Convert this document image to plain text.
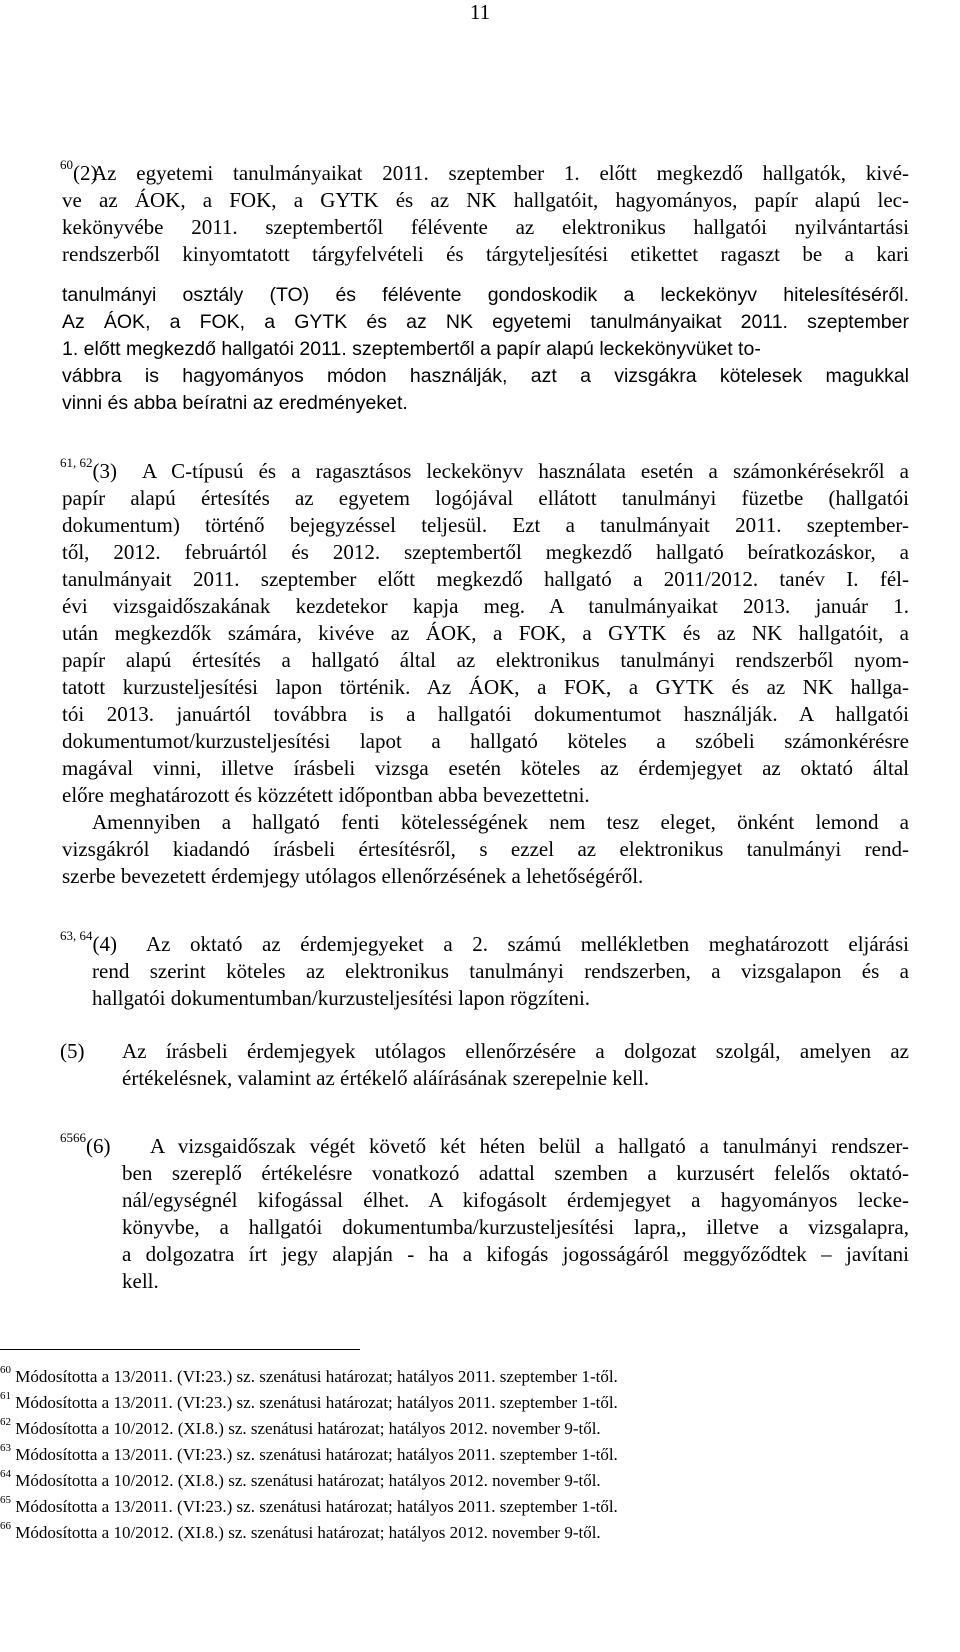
11
$^{60}$(2)
Az egyetemi tanulmányaikat 2011. szeptember 1. előtt megkezdő hallgatók, kivé-
ve az ÁOK, a FOK, a GYTK és az NK hallgatóit, hagyományos, papír alapú lec-
kekönyvébe 2011. szeptembertől félévente az elektronikus hallgatói nyilvántartási
rendszerből kinyomtatott tárgyfelvételi és tárgyteljesítési etikettet ragaszt be a kari
tanulmányi osztály (TO) és félévente gondoskodik a leckekönyv hitelesítéséről.
Az ÁOK, a FOK, a GYTK és az NK egyetemi tanulmányaikat 2011. szeptember
1. előtt megkezdő hallgatói 2011. szeptembertől a papír alapú leckekönyvüket to-
vábbra is hagyományos módon használják, azt a vizsgákra kötelesek magukkal
vinni és abba beíratni az eredményeket.
$^{61, 62}$(3) A C-típusú és a ragasztásos leckekönyv használata esetén a számonkérésekről a
papír alapú értesítés az egyetem logójával ellátott tanulmányi füzetbe (hallgatói
dokumentum) történő bejegyzéssel teljesül. Ezt a tanulmányait 2011. szeptember-
től, 2012. februártól és 2012. szeptembertől megkezdő hallgató beíratkozáskor, a
tanulmányait 2011. szeptember előtt megkezdő hallgató a 2011/2012. tanév I. fél-
évi vizsgaidőszakának kezdetekor kapja meg. A tanulmányaikat 2013. január 1.
után megkezdők számára, kivéve az ÁOK, a FOK, a GYTK és az NK hallgatóit, a
papír alapú értesítés a hallgató által az elektronikus tanulmányi rendszerből nyom-
tatott kurzusteljesítési lapon történik. Az ÁOK, a FOK, a GYTK és az NK hallga-
tói 2013. januártól továbbra is a hallgatói dokumentumot használják. A hallgatói
dokumentumot/kurzusteljesítési lapot a hallgató köteles a szóbeli számonkérésre
magával vinni, illetve írásbeli vizsga esetén köteles az érdemjegyet az oktató által
előre meghatározott és közzétett időpontban abba bevezettetni.
Amennyiben a hallgató fenti kötelességének nem tesz eleget, önként lemond a
vizsgákról kiadandó írásbeli értesítésről, s ezzel az elektronikus tanulmányi rend-
szerbe bevezetett érdemjegy utólagos ellenőrzésének a lehetőségéről.
$^{63, 64}$(4) Az oktató az érdemjegyeket a 2. számú mellékletben meghatározott eljárási
rend szerint köteles az elektronikus tanulmányi rendszerben, a vizsgalapon és a
hallgatói dokumentumban/kurzusteljesítési lapon rögzíteni.
(5) Az írásbeli érdemjegyek utólagos ellenőrzésére a dolgozat szolgál, amelyen az
értékelésnek, valamint az értékelő aláírásának szerepelnie kell.
$^{6566}$(6) A vizsgaidőszak végét követő két héten belül a hallgató a tanulmányi rendszer-
ben szereplő értékelésre vonatkozó adattal szemben a kurzusért felelős oktató-
nál/egységnél kifogással élhet. A kifogásolt érdemjegyet a hagyományos lecke-
könyvbe, a hallgatói dokumentumba/kurzusteljesítési lapra,, illetve a vizsgalapra,
a dolgozatra írt jegy alapján - ha a kifogás jogosságáról meggyőződtek – javítani
kell.
$^{60}$ Módosította a 13/2011. (VI:23.) sz. szenátusi határozat; hatályos 2011. szeptember 1-től.
$^{61}$ Módosította a 13/2011. (VI:23.) sz. szenátusi határozat; hatályos 2011. szeptember 1-től.
$^{62}$ Módosította a 10/2012. (XI.8.) sz. szenátusi határozat; hatályos 2012. november 9-től.
$^{63}$ Módosította a 13/2011. (VI:23.) sz. szenátusi határozat; hatályos 2011. szeptember 1-től.
$^{64}$ Módosította a 10/2012. (XI.8.) sz. szenátusi határozat; hatályos 2012. november 9-től.
$^{65}$ Módosította a 13/2011. (VI:23.) sz. szenátusi határozat; hatályos 2011. szeptember 1-től.
$^{66}$ Módosította a 10/2012. (XI.8.) sz. szenátusi határozat; hatályos 2012. november 9-től.
